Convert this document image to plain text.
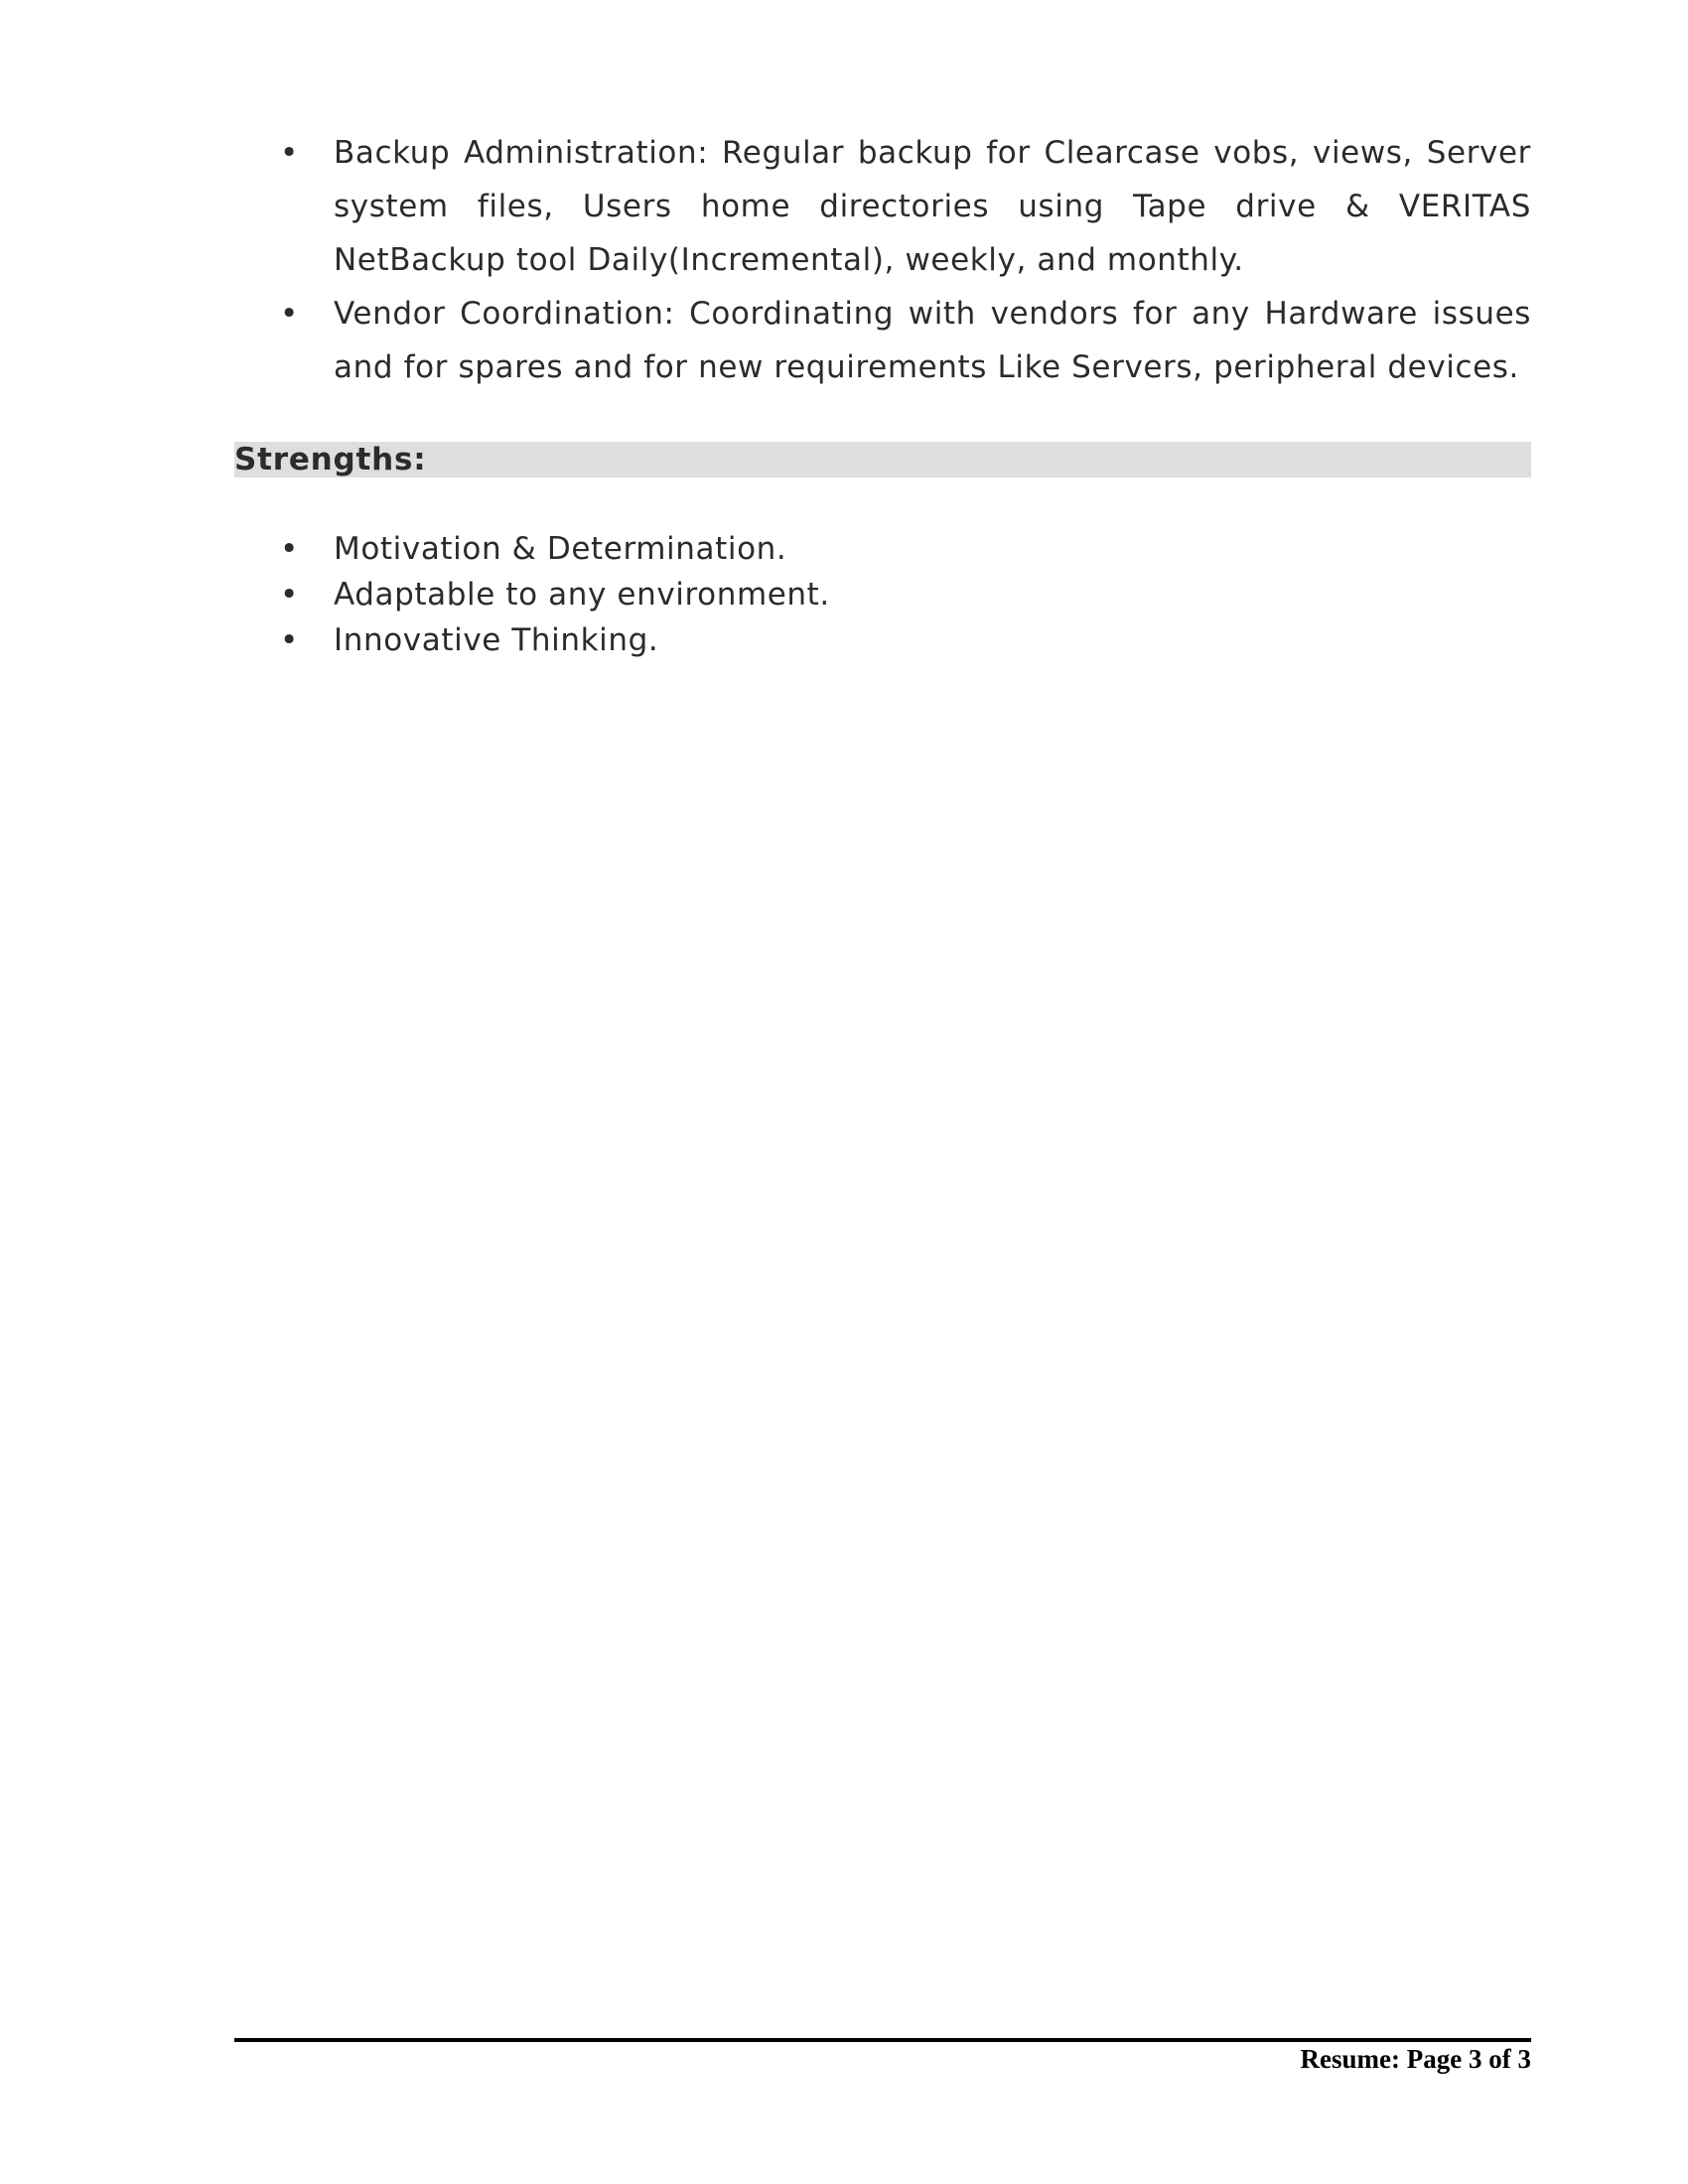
• Backup Administration: Regular backup for Clearcase vobs, views, Server system files, Users home directories using Tape drive & VERITAS NetBackup tool Daily(Incremental), weekly, and monthly.
• Vendor Coordination: Coordinating with vendors for any Hardware issues and for spares and for new requirements Like Servers, peripheral devices.
Strengths:
• Motivation & Determination.
• Adaptable to any environment.
• Innovative Thinking.
Resume: Page 3 of 3
